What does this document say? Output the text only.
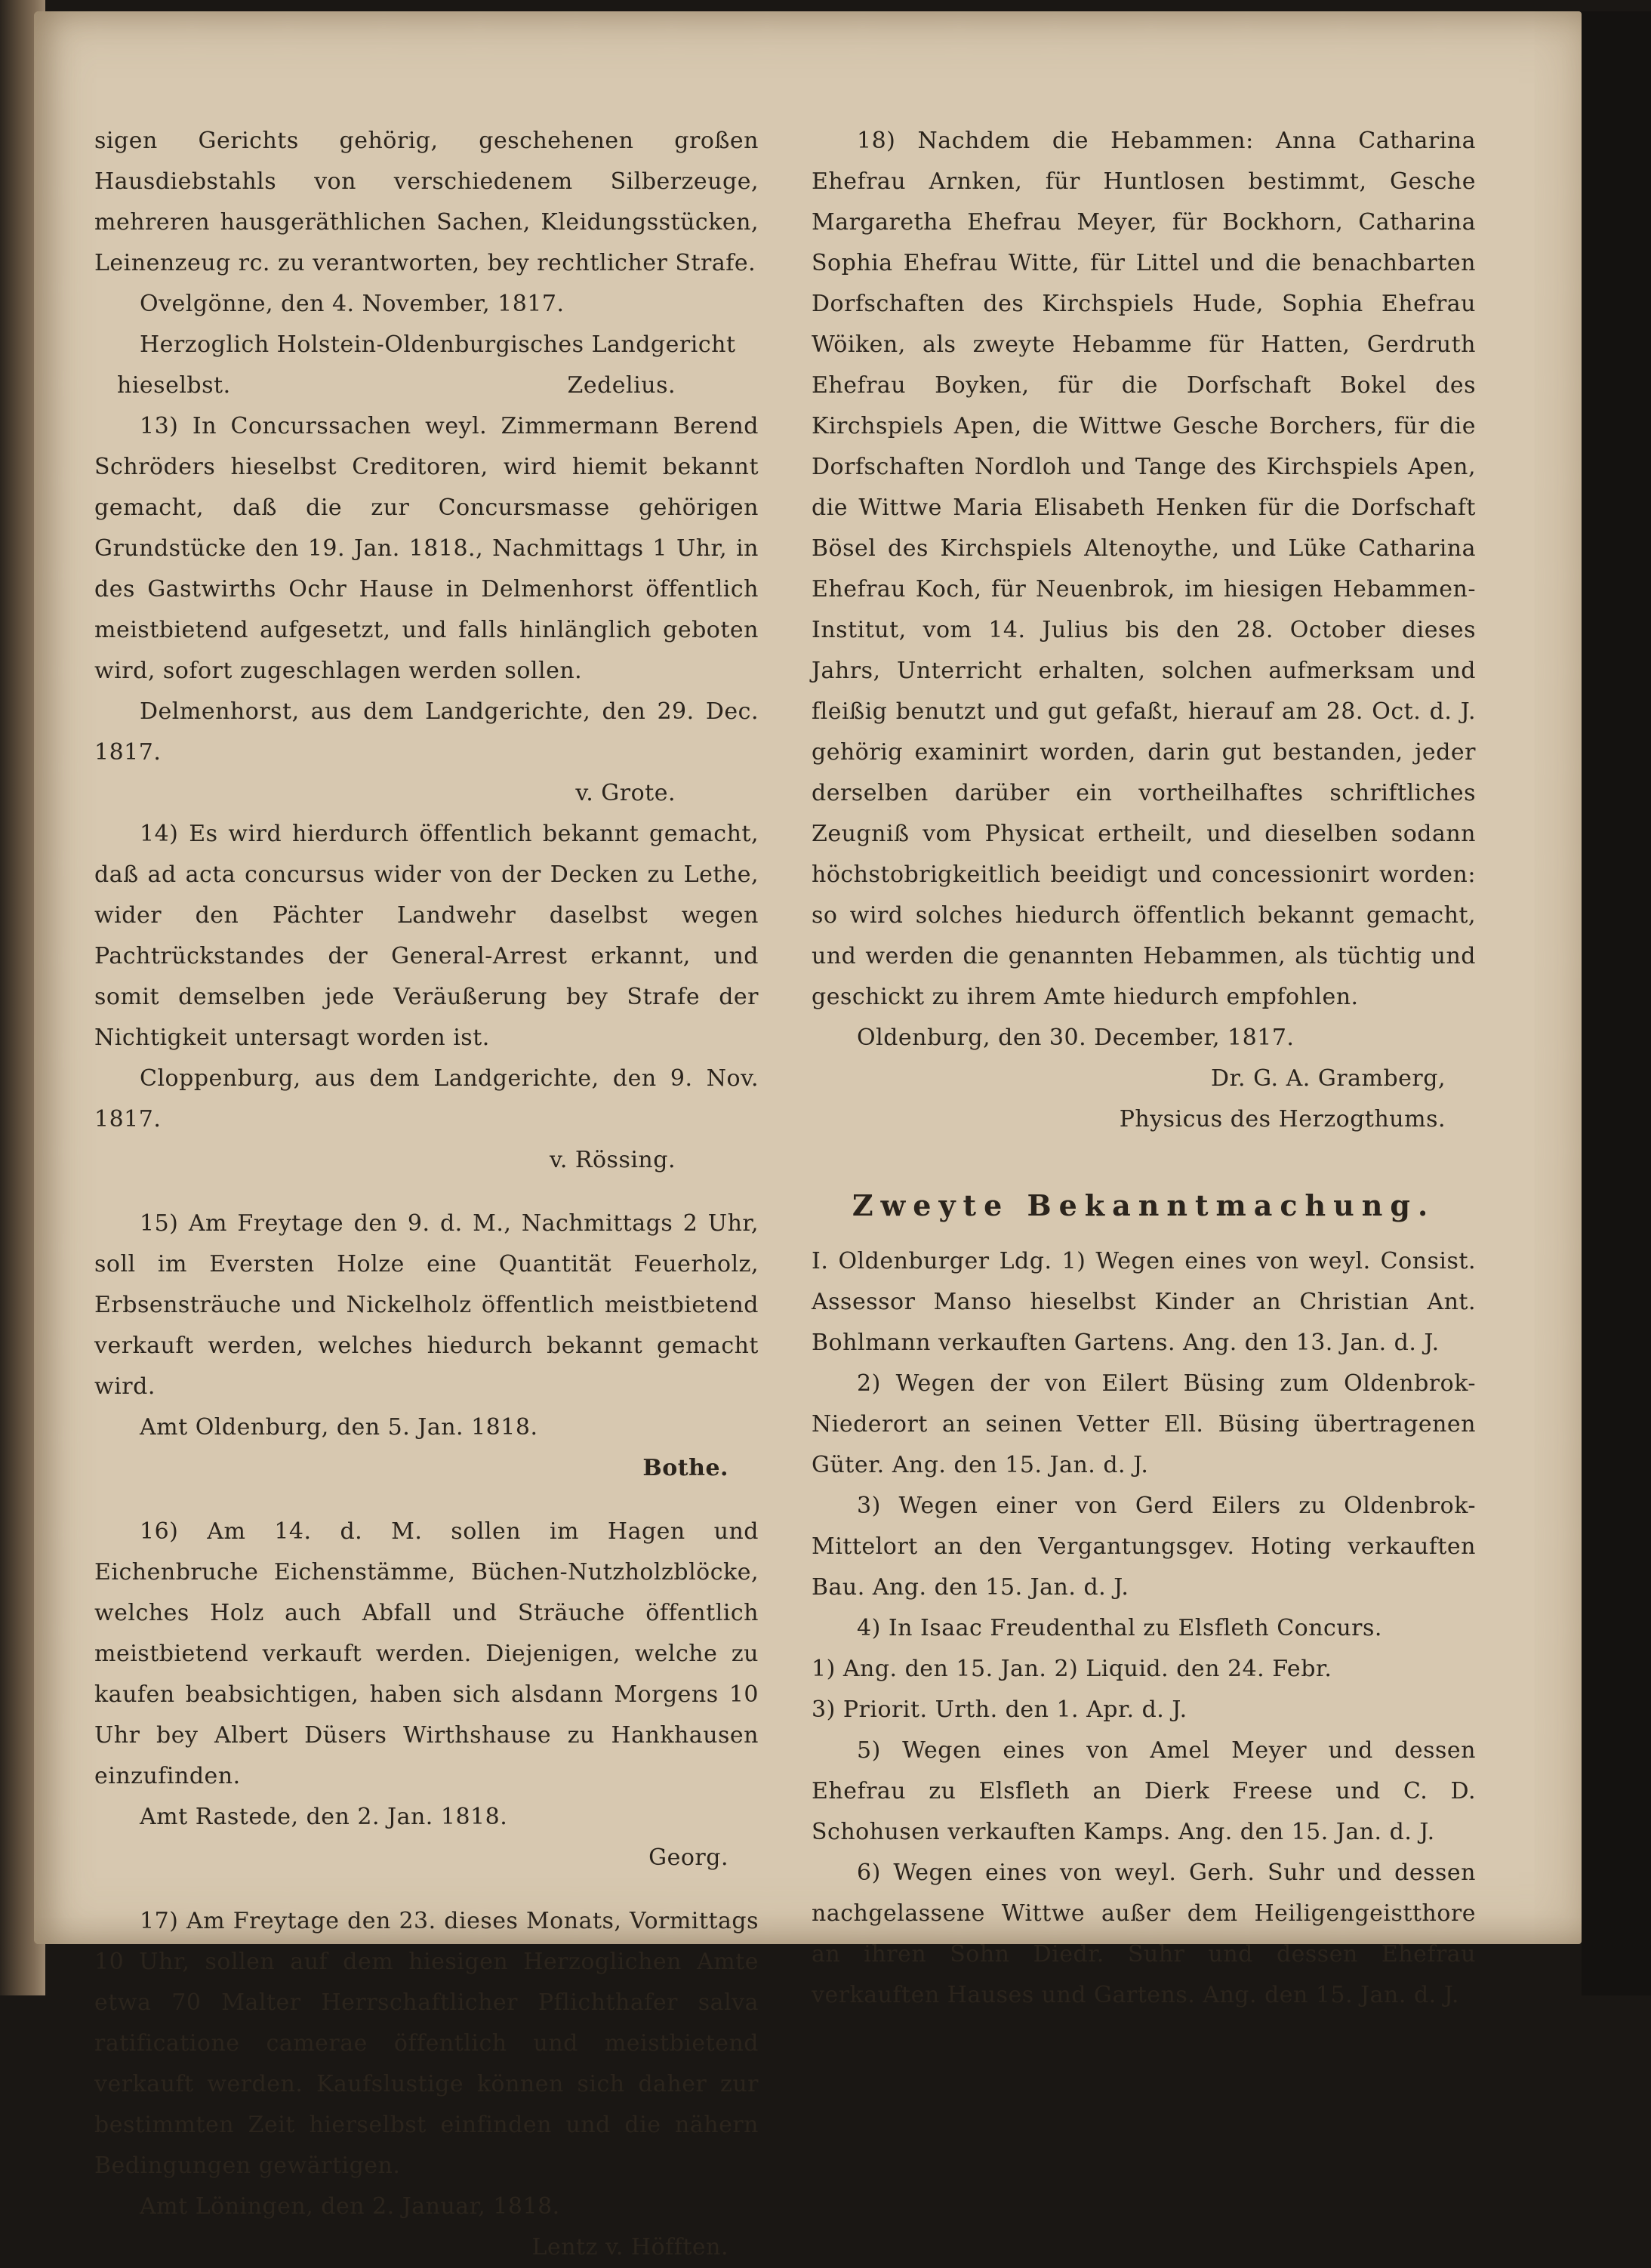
sigen Gerichts gehörig, geschehenen großen Hausdiebstahls von verschiedenem Silberzeuge, mehreren hausgeräthlichen Sachen, Kleidungsstücken, Leinenzeug rc. zu verantworten, bey rechtlicher Strafe.

Ovelgönne, den 4. November, 1817.

Herzoglich Holstein-Oldenburgisches Landgericht

hieselbst.	Zedelius.

13) In Concurssachen weyl. Zimmermann Berend Schröders hieselbst Creditoren, wird hiemit bekannt gemacht, daß die zur Concursmasse gehörigen Grundstücke den 19. Jan. 1818., Nachmittags 1 Uhr, in des Gastwirths Ochr Hause in Delmenhorst öffentlich meistbietend aufgesetzt, und falls hinlänglich geboten wird, sofort zugeschlagen werden sollen.

Delmenhorst, aus dem Landgerichte, den 29. Dec. 1817.

v. Grote.

14) Es wird hierdurch öffentlich bekannt gemacht, daß ad acta concursus wider von der Decken zu Lethe, wider den Pächter Landwehr daselbst wegen Pachtrückstandes der General-Arrest erkannt, und somit demselben jede Veräußerung bey Strafe der Nichtigkeit untersagt worden ist.

Cloppenburg, aus dem Landgerichte, den 9. Nov. 1817.

v. Rössing.

15) Am Freytage den 9. d. M., Nachmittags 2 Uhr, soll im Eversten Holze eine Quantität Feuerholz, Erbsensträuche und Nickelholz öffentlich meistbietend verkauft werden, welches hiedurch bekannt gemacht wird.

Amt Oldenburg, den 5. Jan. 1818.

Bothe.

16) Am 14. d. M. sollen im Hagen und Eichenbruche Eichenstämme, Büchen-Nutzholzblöcke, welches Holz auch Abfall und Sträuche öffentlich meistbietend verkauft werden. Diejenigen, welche zu kaufen beabsichtigen, haben sich alsdann Morgens 10 Uhr bey Albert Düsers Wirthshause zu Hankhausen einzufinden.

Amt Rastede, den 2. Jan. 1818.

Georg.

17) Am Freytage den 23. dieses Monats, Vormittags 10 Uhr, sollen auf dem hiesigen Herzoglichen Amte etwa 70 Malter Herrschaftlicher Pflichthafer salva ratificatione camerae öffentlich und meistbietend verkauft werden. Kaufslustige können sich daher zur bestimmten Zeit hierselbst einfinden und die nähern Bedingungen gewärtigen.

Amt Löningen, den 2. Januar, 1818.

Lentz v. Höfften.

18) Nachdem die Hebammen: Anna Catharina Ehefrau Arnken, für Huntlosen bestimmt, Gesche Margaretha Ehefrau Meyer, für Bockhorn, Catharina Sophia Ehefrau Witte, für Littel und die benachbarten Dorfschaften des Kirchspiels Hude, Sophia Ehefrau Wöiken, als zweyte Hebamme für Hatten, Gerdruth Ehefrau Boyken, für die Dorfschaft Bokel des Kirchspiels Apen, die Wittwe Gesche Borchers, für die Dorfschaften Nordloh und Tange des Kirchspiels Apen, die Wittwe Maria Elisabeth Henken für die Dorfschaft Bösel des Kirchspiels Altenoythe, und Lüke Catharina Ehefrau Koch, für Neuenbrok, im hiesigen Hebammen-Institut, vom 14. Julius bis den 28. October dieses Jahrs, Unterricht erhalten, solchen aufmerksam und fleißig benutzt und gut gefaßt, hierauf am 28. Oct. d. J. gehörig examinirt worden, darin gut bestanden, jeder derselben darüber ein vortheilhaftes schriftliches Zeugniß vom Physicat ertheilt, und dieselben sodann höchstobrigkeitlich beeidigt und concessionirt worden: so wird solches hiedurch öffentlich bekannt gemacht, und werden die genannten Hebammen, als tüchtig und geschickt zu ihrem Amte hiedurch empfohlen.

Oldenburg, den 30. December, 1817.

Dr. G. A. Gramberg,

Physicus des Herzogthums.

Zweyte Bekanntmachung.

I. Oldenburger Ldg. 1) Wegen eines von weyl. Consist. Assessor Manso hieselbst Kinder an Christian Ant. Bohlmann verkauften Gartens. Ang. den 13. Jan. d. J.

2) Wegen der von Eilert Büsing zum Oldenbrok-Niederort an seinen Vetter Ell. Büsing übertragenen Güter. Ang. den 15. Jan. d. J.

3) Wegen einer von Gerd Eilers zu Oldenbrok-Mittelort an den Vergantungsgev. Hoting verkauften Bau. Ang. den 15. Jan. d. J.

4) In Isaac Freudenthal zu Elsfleth Concurs.

1) Ang. den 15. Jan. 2) Liquid. den 24. Febr.

3) Priorit. Urth. den 1. Apr. d. J.

5) Wegen eines von Amel Meyer und dessen Ehefrau zu Elsfleth an Dierk Freese und C. D. Schohusen verkauften Kamps. Ang. den 15. Jan. d. J.

6) Wegen eines von weyl. Gerh. Suhr und dessen nachgelassene Wittwe außer dem Heiligengeistthore an ihren Sohn Diedr. Suhr und dessen Ehefrau verkauften Hauses und Gartens. Ang. den 15. Jan. d. J.
